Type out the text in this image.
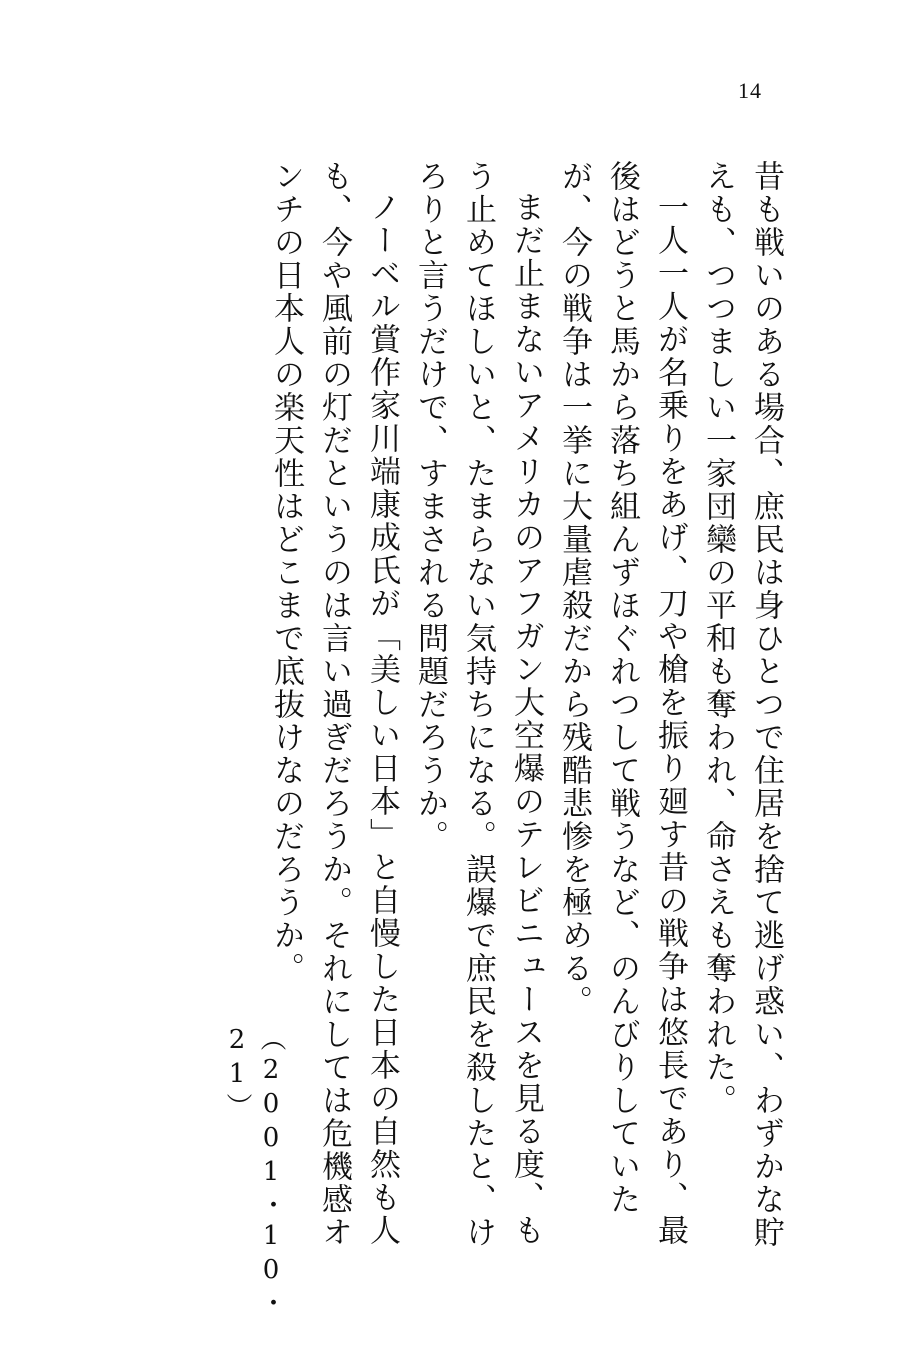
14

昔も戦いのある場合、庶民は身ひとつで住居を捨て逃げ惑い、わずかな貯えも、つつましい一家団欒の平和も奪われ、命さえも奪われた。

一人一人が名乗りをあげ、刀や槍を振り廻す昔の戦争は悠長であり、最後はどうと馬から落ち組んずほぐれつして戦うなど、のんびりしていたが、今の戦争は一挙に大量虐殺だから残酷悲惨を極める。

まだ止まないアメリカのアフガン大空爆のテレビニュースを見る度、もう止めてほしいと、たまらない気持ちになる。誤爆で庶民を殺したと、けろりと言うだけで、すまされる問題だろうか。

ノーベル賞作家川端康成氏が「美しい日本」と自慢した日本の自然も人も、今や風前の灯だというのは言い過ぎだろうか。それにしては危機感オンチの日本人の楽天性はどこまで底抜けなのだろうか。

（2001・10・21）
